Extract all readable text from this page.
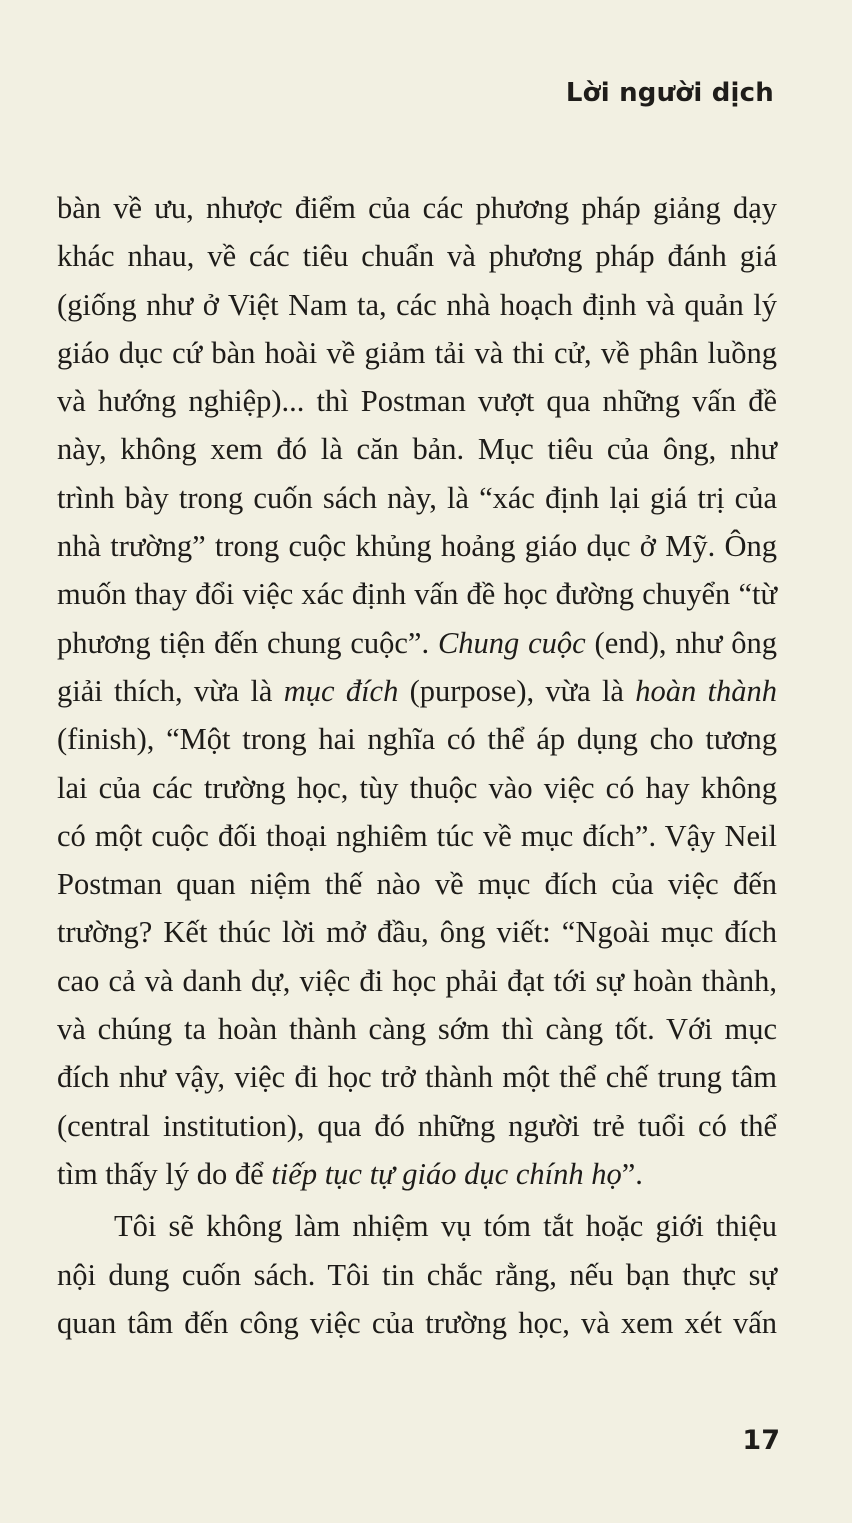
Lời người dịch
bàn về ưu, nhược điểm của các phương pháp giảng dạy
khác nhau, về các tiêu chuẩn và phương pháp đánh giá
(giống như ở Việt Nam ta, các nhà hoạch định và quản lý
giáo dục cứ bàn hoài về giảm tải và thi cử, về phân luồng
và hướng nghiệp)... thì Postman vượt qua những vấn đề
này, không xem đó là căn bản. Mục tiêu của ông, như
trình bày trong cuốn sách này, là “xác định lại giá trị của
nhà trường” trong cuộc khủng hoảng giáo dục ở Mỹ. Ông
muốn thay đổi việc xác định vấn đề học đường chuyển “từ
phương tiện đến chung cuộc”. Chung cuộc (end), như ông
giải thích, vừa là mục đích (purpose), vừa là hoàn thành
(finish), “Một trong hai nghĩa có thể áp dụng cho tương
lai của các trường học, tùy thuộc vào việc có hay không
có một cuộc đối thoại nghiêm túc về mục đích”. Vậy Neil
Postman quan niệm thế nào về mục đích của việc đến
trường? Kết thúc lời mở đầu, ông viết: “Ngoài mục đích
cao cả và danh dự, việc đi học phải đạt tới sự hoàn thành,
và chúng ta hoàn thành càng sớm thì càng tốt. Với mục
đích như vậy, việc đi học trở thành một thể chế trung tâm
(central institution), qua đó những người trẻ tuổi có thể
tìm thấy lý do để tiếp tục tự giáo dục chính họ”.
Tôi sẽ không làm nhiệm vụ tóm tắt hoặc giới thiệu
nội dung cuốn sách. Tôi tin chắc rằng, nếu bạn thực sự
quan tâm đến công việc của trường học, và xem xét vấn
17
